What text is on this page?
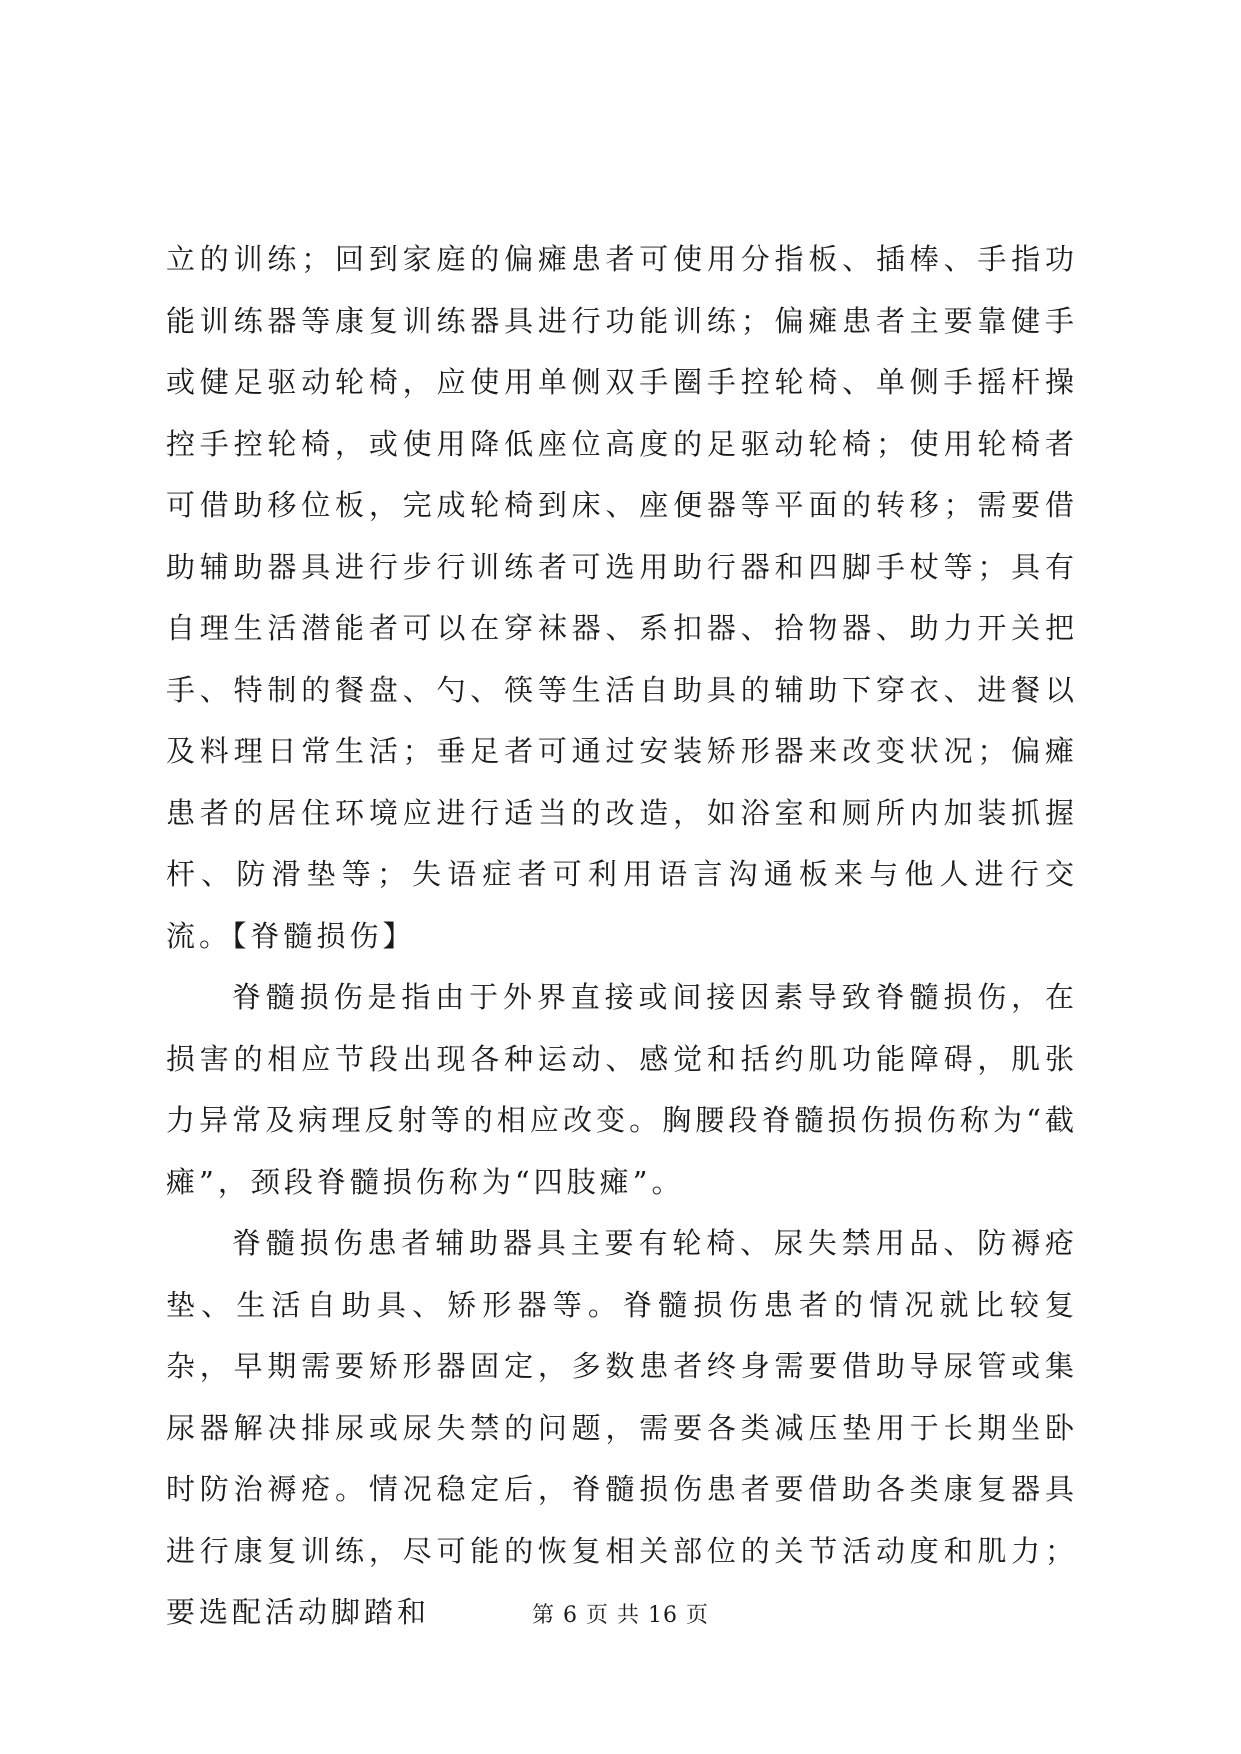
立的训练；回到家庭的偏瘫患者可使用分指板、插棒、手指功能训练器等康复训练器具进行功能训练；偏瘫患者主要靠健手或健足驱动轮椅，应使用单侧双手圈手控轮椅、单侧手摇杆操控手控轮椅，或使用降低座位高度的足驱动轮椅；使用轮椅者可借助移位板，完成轮椅到床、座便器等平面的转移；需要借助辅助器具进行步行训练者可选用助行器和四脚手杖等；具有自理生活潜能者可以在穿袜器、系扣器、拾物器、助力开关把手、特制的餐盘、勺、筷等生活自助具的辅助下穿衣、进餐以及料理日常生活；垂足者可通过安装矫形器来改变状况；偏瘫患者的居住环境应进行适当的改造，如浴室和厕所内加装抓握杆、防滑垫等；失语症者可利用语言沟通板来与他人进行交流。【脊髓损伤】

脊髓损伤是指由于外界直接或间接因素导致脊髓损伤，在损害的相应节段出现各种运动、感觉和括约肌功能障碍，肌张力异常及病理反射等的相应改变。胸腰段脊髓损伤损伤称为“截瘫”，颈段脊髓损伤称为“四肢瘫”。

脊髓损伤患者辅助器具主要有轮椅、尿失禁用品、防褥疮垫、生活自助具、矫形器等。脊髓损伤患者的情况就比较复杂，早期需要矫形器固定，多数患者终身需要借助导尿管或集尿器解决排尿或尿失禁的问题，需要各类减压垫用于长期坐卧时防治褥疮。情况稳定后，脊髓损伤患者要借助各类康复器具进行康复训练，尽可能的恢复相关部位的关节活动度和肌力；要选配活动脚踏和	第 6 页 共 16 页
